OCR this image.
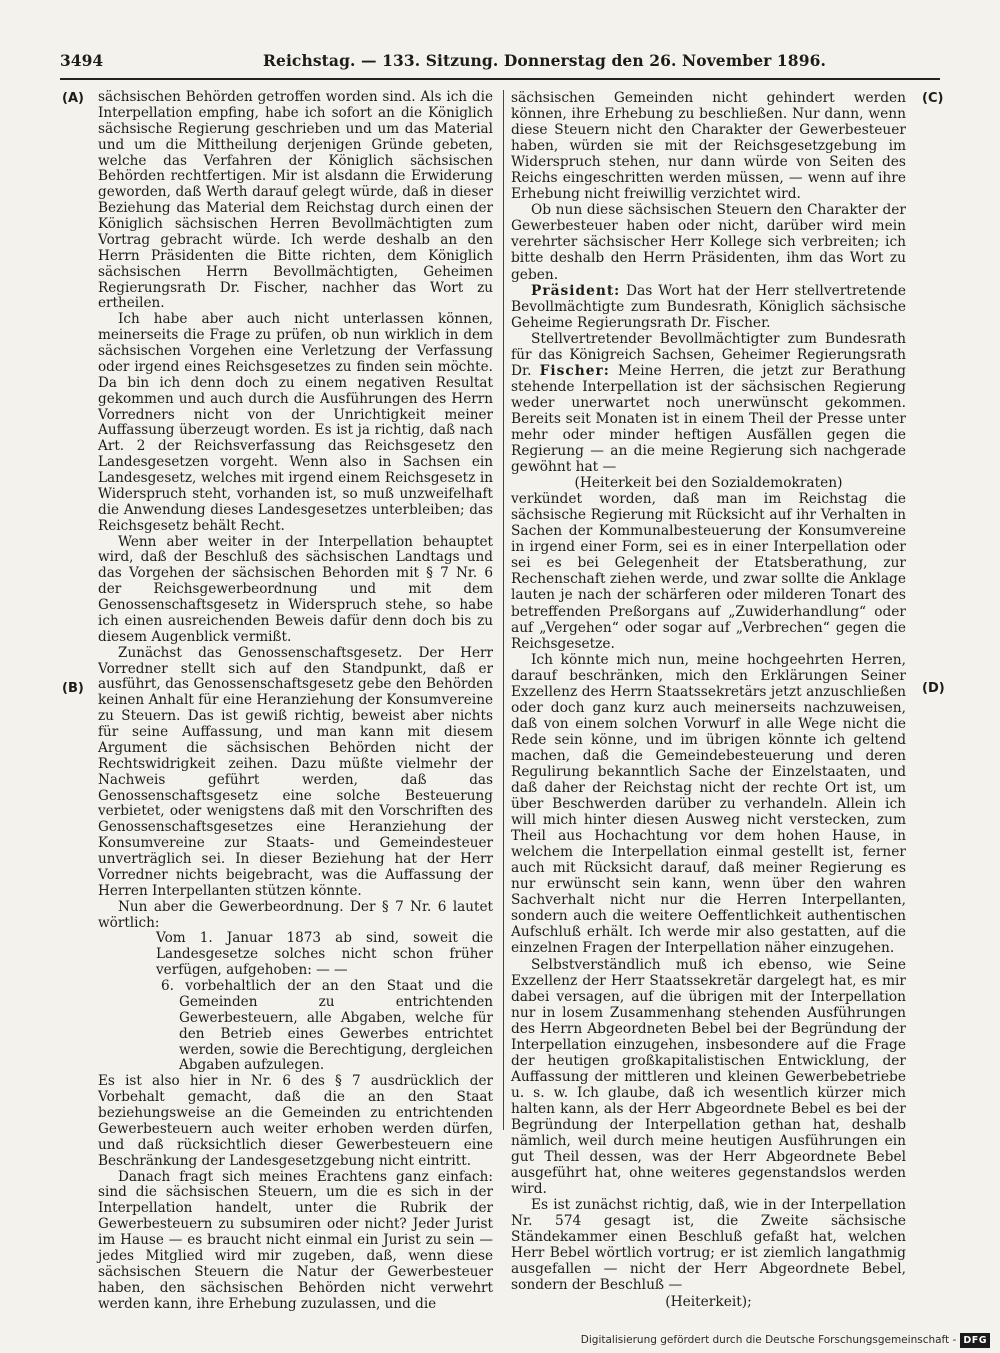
3494	Reichstag. — 133. Sitzung. Donnerstag den 26. November 1896.
(A)
(B)
(C)
(D)

sächsischen Behörden getroffen worden sind. Als ich die Interpellation empfing, habe ich sofort an die Königlich sächsische Regierung geschrieben und um das Material und um die Mittheilung derjenigen Gründe gebeten, welche das Verfahren der Königlich sächsischen Behörden rechtfertigen. Mir ist alsdann die Erwiderung geworden, daß Werth darauf gelegt würde, daß in dieser Beziehung das Material dem Reichstag durch einen der Königlich sächsischen Herren Bevollmächtigten zum Vortrag gebracht würde. Ich werde deshalb an den Herrn Präsidenten die Bitte richten, dem Königlich sächsischen Herrn Bevollmächtigten, Geheimen Regierungsrath Dr. Fischer, nachher das Wort zu ertheilen.

Ich habe aber auch nicht unterlassen können, meinerseits die Frage zu prüfen, ob nun wirklich in dem sächsischen Vorgehen eine Verletzung der Verfassung oder irgend eines Reichsgesetzes zu finden sein möchte. Da bin ich denn doch zu einem negativen Resultat gekommen und auch durch die Ausführungen des Herrn Vorredners nicht von der Unrichtigkeit meiner Auffassung überzeugt worden. Es ist ja richtig, daß nach Art. 2 der Reichsverfassung das Reichsgesetz den Landesgesetzen vorgeht. Wenn also in Sachsen ein Landesgesetz, welches mit irgend einem Reichsgesetz in Widerspruch steht, vorhanden ist, so muß unzweifelhaft die Anwendung dieses Landesgesetzes unterbleiben; das Reichsgesetz behält Recht.

Wenn aber weiter in der Interpellation behauptet wird, daß der Beschluß des sächsischen Landtags und das Vorgehen der sächsischen Behorden mit § 7 Nr. 6 der Reichsgewerbeordnung und mit dem Genossenschaftsgesetz in Widerspruch stehe, so habe ich einen ausreichenden Beweis dafür denn doch bis zu diesem Augenblick vermißt.

Zunächst das Genossenschaftsgesetz. Der Herr Vorredner stellt sich auf den Standpunkt, daß er ausführt, das Genossenschaftsgesetz gebe den Behörden keinen Anhalt für eine Heranziehung der Konsumvereine zu Steuern. Das ist gewiß richtig, beweist aber nichts für seine Auffassung, und man kann mit diesem Argument die sächsischen Behörden nicht der Rechtswidrigkeit zeihen. Dazu müßte vielmehr der Nachweis geführt werden, daß das Genossenschaftsgesetz eine solche Besteuerung verbietet, oder wenigstens daß mit den Vorschriften des Genossenschaftsgesetzes eine Heranziehung der Konsumvereine zur Staats- und Gemeindesteuer unverträglich sei. In dieser Beziehung hat der Herr Vorredner nichts beigebracht, was die Auffassung der Herren Interpellanten stützen könnte.

Nun aber die Gewerbeordnung. Der § 7 Nr. 6 lautet wörtlich:

Vom 1. Januar 1873 ab sind, soweit die Landesgesetze solches nicht schon früher verfügen, aufgehoben: — —

6. vorbehaltlich der an den Staat und die Gemeinden zu entrichtenden Gewerbesteuern, alle Abgaben, welche für den Betrieb eines Gewerbes entrichtet werden, sowie die Berechtigung, dergleichen Abgaben aufzulegen.

Es ist also hier in Nr. 6 des § 7 ausdrücklich der Vorbehalt gemacht, daß die an den Staat beziehungsweise an die Gemeinden zu entrichtenden Gewerbesteuern auch weiter erhoben werden dürfen, und daß rücksichtlich dieser Gewerbesteuern eine Beschränkung der Landesgesetzgebung nicht eintritt.

Danach fragt sich meines Erachtens ganz einfach: sind die sächsischen Steuern, um die es sich in der Interpellation handelt, unter die Rubrik der Gewerbesteuern zu subsumiren oder nicht? Jeder Jurist im Hause — es braucht nicht einmal ein Jurist zu sein — jedes Mitglied wird mir zugeben, daß, wenn diese sächsischen Steuern die Natur der Gewerbesteuer haben, den sächsischen Behörden nicht verwehrt werden kann, ihre Erhebung zuzulassen, und die

sächsischen Gemeinden nicht gehindert werden können, ihre Erhebung zu beschließen. Nur dann, wenn diese Steuern nicht den Charakter der Gewerbesteuer haben, würden sie mit der Reichsgesetzgebung im Widerspruch stehen, nur dann würde von Seiten des Reichs eingeschritten werden müssen, — wenn auf ihre Erhebung nicht freiwillig verzichtet wird.

Ob nun diese sächsischen Steuern den Charakter der Gewerbesteuer haben oder nicht, darüber wird mein verehrter sächsischer Herr Kollege sich verbreiten; ich bitte deshalb den Herrn Präsidenten, ihm das Wort zu geben.

Präsident: Das Wort hat der Herr stellvertretende Bevollmächtigte zum Bundesrath, Königlich sächsische Geheime Regierungsrath Dr. Fischer.

Stellvertretender Bevollmächtigter zum Bundesrath für das Königreich Sachsen, Geheimer Regierungsrath Dr. Fischer: Meine Herren, die jetzt zur Berathung stehende Interpellation ist der sächsischen Regierung weder unerwartet noch unerwünscht gekommen. Bereits seit Monaten ist in einem Theil der Presse unter mehr oder minder heftigen Ausfällen gegen die Regierung — an die meine Regierung sich nachgerade gewöhnt hat —

(Heiterkeit bei den Sozialdemokraten)

verkündet worden, daß man im Reichstag die sächsische Regierung mit Rücksicht auf ihr Verhalten in Sachen der Kommunalbesteuerung der Konsumvereine in irgend einer Form, sei es in einer Interpellation oder sei es bei Gelegenheit der Etatsberathung, zur Rechenschaft ziehen werde, und zwar sollte die Anklage lauten je nach der schärferen oder milderen Tonart des betreffenden Preßorgans auf „Zuwiderhandlung“ oder auf „Vergehen“ oder sogar auf „Verbrechen“ gegen die Reichsgesetze.

Ich könnte mich nun, meine hochgeehrten Herren, darauf beschränken, mich den Erklärungen Seiner Exzellenz des Herrn Staatssekretärs jetzt anzuschließen oder doch ganz kurz auch meinerseits nachzuweisen, daß von einem solchen Vorwurf in alle Wege nicht die Rede sein könne, und im übrigen könnte ich geltend machen, daß die Gemeindebesteuerung und deren Regulirung bekanntlich Sache der Einzelstaaten, und daß daher der Reichstag nicht der rechte Ort ist, um über Beschwerden darüber zu verhandeln. Allein ich will mich hinter diesen Ausweg nicht verstecken, zum Theil aus Hochachtung vor dem hohen Hause, in welchem die Interpellation einmal gestellt ist, ferner auch mit Rücksicht darauf, daß meiner Regierung es nur erwünscht sein kann, wenn über den wahren Sachverhalt nicht nur die Herren Interpellanten, sondern auch die weitere Oeffentlichkeit authentischen Aufschluß erhält. Ich werde mir also gestatten, auf die einzelnen Fragen der Interpellation näher einzugehen.

Selbstverständlich muß ich ebenso, wie Seine Exzellenz der Herr Staatssekretär dargelegt hat, es mir dabei versagen, auf die übrigen mit der Interpellation nur in losem Zusammenhang stehenden Ausführungen des Herrn Abgeordneten Bebel bei der Begründung der Interpellation einzugehen, insbesondere auf die Frage der heutigen großkapitalistischen Entwicklung, der Auffassung der mittleren und kleinen Gewerbebetriebe u. s. w. Ich glaube, daß ich wesentlich kürzer mich halten kann, als der Herr Abgeordnete Bebel es bei der Begründung der Interpellation gethan hat, deshalb nämlich, weil durch meine heutigen Ausführungen ein gut Theil dessen, was der Herr Abgeordnete Bebel ausgeführt hat, ohne weiteres gegenstandslos werden wird.

Es ist zunächst richtig, daß, wie in der Interpellation Nr. 574 gesagt ist, die Zweite sächsische Ständekammer einen Beschluß gefaßt hat, welchen Herr Bebel wörtlich vortrug; er ist ziemlich langathmig ausgefallen — nicht der Herr Abgeordnete Bebel, sondern der Beschluß —

(Heiterkeit);

Digitalisierung gefördert durch die Deutsche Forschungsgemeinschaft - DFG
